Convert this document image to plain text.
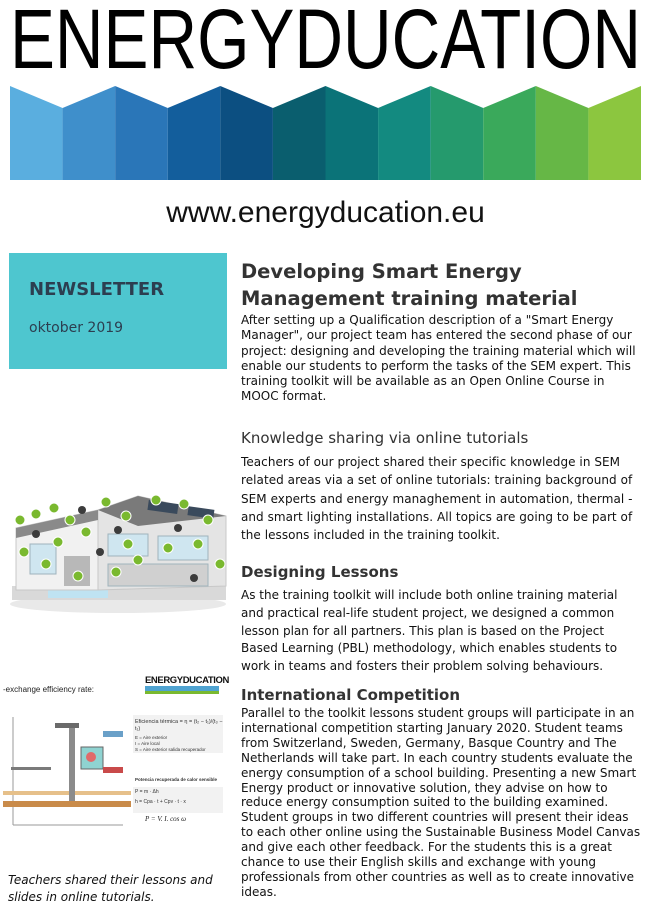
ENERGYDUCATION
www.energyducation.eu
NEWSLETTER
oktober 2019
Developing Smart Energy Management training material
After setting up a Qualification description of a "Smart Energy Manager", our project team has entered the second phase of our project: designing and developing the training material which will enable our students to perform the tasks of the SEM expert. This training toolkit will be available as an Open Online Course in MOOC format.
Knowledge sharing via online tutorials
Teachers of our project shared their specific knowledge in SEM related areas via a set of online tutorials: training background of SEM experts and energy managhement in automation, thermal - and smart lighting installations. All topics are going to be part of the lessons included in the training toolkit.
Designing Lessons
As the training toolkit will include both online training material and practical real-life student project, we designed a common lesson plan for all partners. This plan is based on the Project Based Learning (PBL) methodology, which enables students to work in teams and fosters their problem solving behaviours.
International Competition
Parallel to the toolkit lessons student groups will participate in an international competition starting January 2020. Student teams from Switzerland, Sweden, Germany, Basque Country and The Netherlands will take part. In each country students evaluate the energy consumption of a school building. Presenting a new Smart Energy product or innovative solution, they advise on how to reduce energy consumption suited to the building examined. Student groups in two different countries will present their ideas to each other online using the Sustainable Business Model Canvas and give each other feedback. For the students this is a great chance to use their English skills and exchange with young professionals from other countries as well as to create innovative ideas.
-exchange efficiency rate:
ENERGYDUCATION
Eficiencia térmica = η = (t₂ − t₁)/(t₃ − t₁)
E = Aire exterior
I = Aire local
S = Aire exterior salida recuperador
Potencia recuperada de calor sensible
P = m · Δh
h = Cpa · t + Cpv · t · x
P = V. I. cos ω
Teachers shared their lessons and slides in online tutorials.
